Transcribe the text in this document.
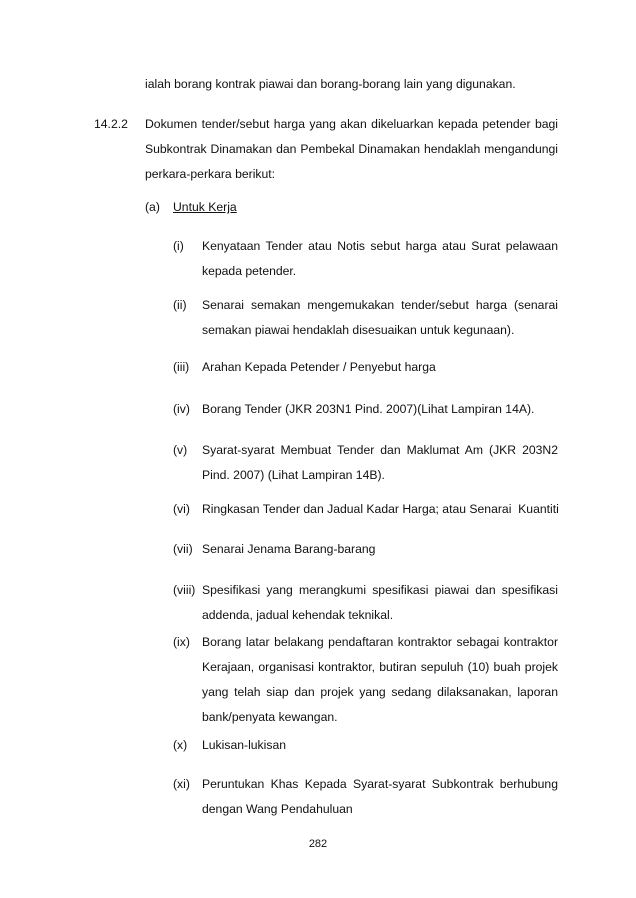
ialah borang kontrak piawai dan borang-borang lain yang digunakan.
14.2.2 Dokumen tender/sebut harga yang akan dikeluarkan kepada petender bagi Subkontrak Dinamakan dan Pembekal Dinamakan hendaklah mengandungi perkara-perkara berikut:
(a) Untuk Kerja
(i) Kenyataan Tender atau Notis sebut harga atau Surat pelawaan kepada petender.
(ii) Senarai semakan mengemukakan tender/sebut harga (senarai semakan piawai hendaklah disesuaikan untuk kegunaan).
(iii) Arahan Kepada Petender / Penyebut harga
(iv) Borang Tender (JKR 203N1 Pind. 2007)(Lihat Lampiran 14A).
(v) Syarat-syarat Membuat Tender dan Maklumat Am (JKR 203N2 Pind. 2007) (Lihat Lampiran 14B).
(vi) Ringkasan Tender dan Jadual Kadar Harga; atau Senarai  Kuantiti
(vii) Senarai Jenama Barang-barang
(viii) Spesifikasi yang merangkumi spesifikasi piawai dan spesifikasi addenda, jadual kehendak teknikal.
(ix) Borang latar belakang pendaftaran kontraktor sebagai kontraktor Kerajaan, organisasi kontraktor, butiran sepuluh (10) buah projek yang telah siap dan projek yang sedang dilaksanakan, laporan bank/penyata kewangan.
(x) Lukisan-lukisan
(xi) Peruntukan Khas Kepada Syarat-syarat Subkontrak berhubung dengan Wang Pendahuluan
282
